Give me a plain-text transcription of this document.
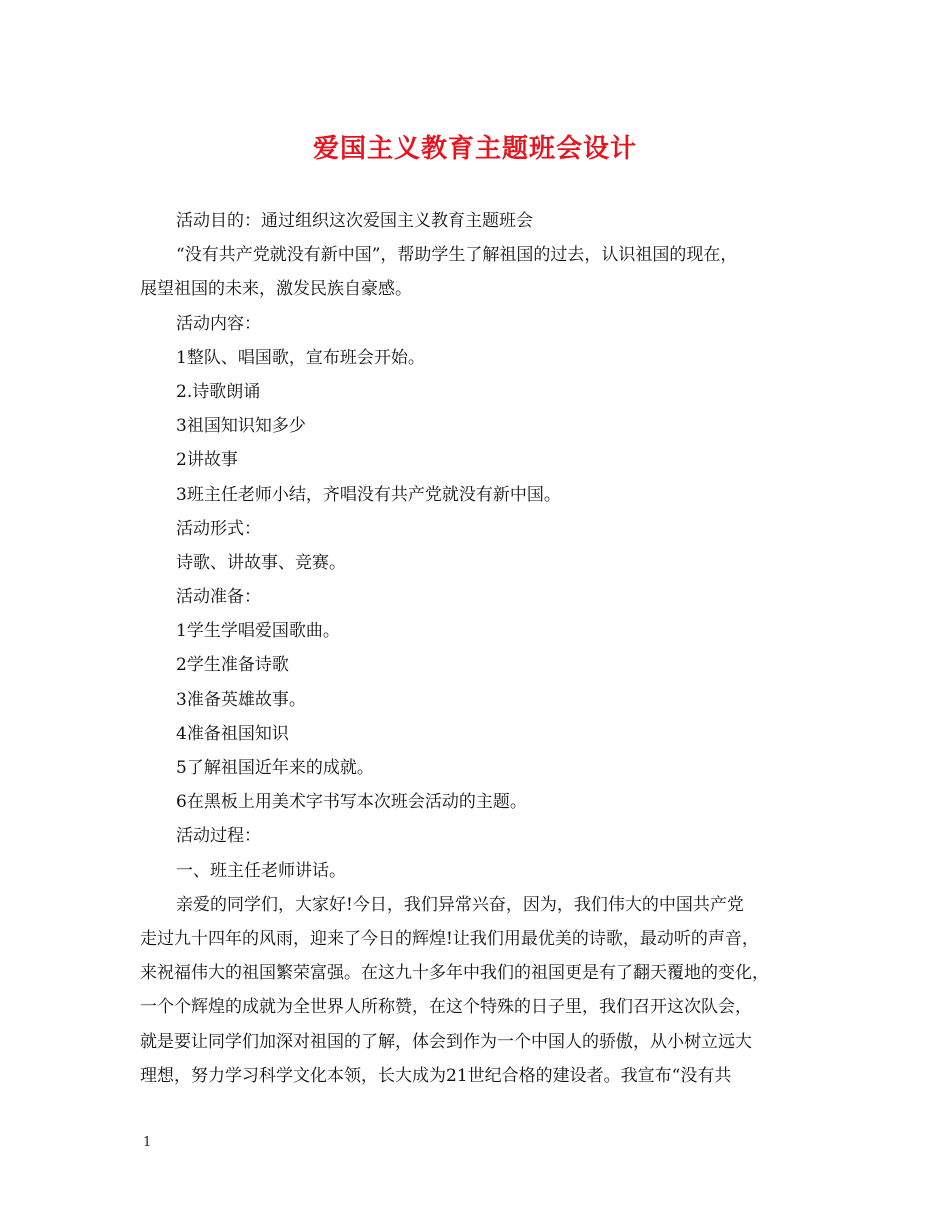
爱国主义教育主题班会设计
活动目的：通过组织这次爱国主义教育主题班会
“没有共产党就没有新中国”，帮助学生了解祖国的过去，认识祖国的现在，
展望祖国的未来，激发民族自豪感。
活动内容：
1整队、唱国歌，宣布班会开始。
2.诗歌朗诵
3祖国知识知多少
2讲故事
3班主任老师小结，齐唱没有共产党就没有新中国。
活动形式：
诗歌、讲故事、竞赛。
活动准备：
1学生学唱爱国歌曲。
2学生准备诗歌
3准备英雄故事。
4准备祖国知识
5了解祖国近年来的成就。
6在黑板上用美术字书写本次班会活动的主题。
活动过程：
一、班主任老师讲话。
亲爱的同学们，大家好!今日，我们异常兴奋，因为，我们伟大的中国共产党
走过九十四年的风雨，迎来了今日的辉煌!让我们用最优美的诗歌，最动听的声音，
来祝福伟大的祖国繁荣富强。在这九十多年中我们的祖国更是有了翻天覆地的变化，
一个个辉煌的成就为全世界人所称赞，在这个特殊的日子里，我们召开这次队会，
就是要让同学们加深对祖国的了解，体会到作为一个中国人的骄傲，从小树立远大
理想，努力学习科学文化本领，长大成为21世纪合格的建设者。我宣布“没有共
1
